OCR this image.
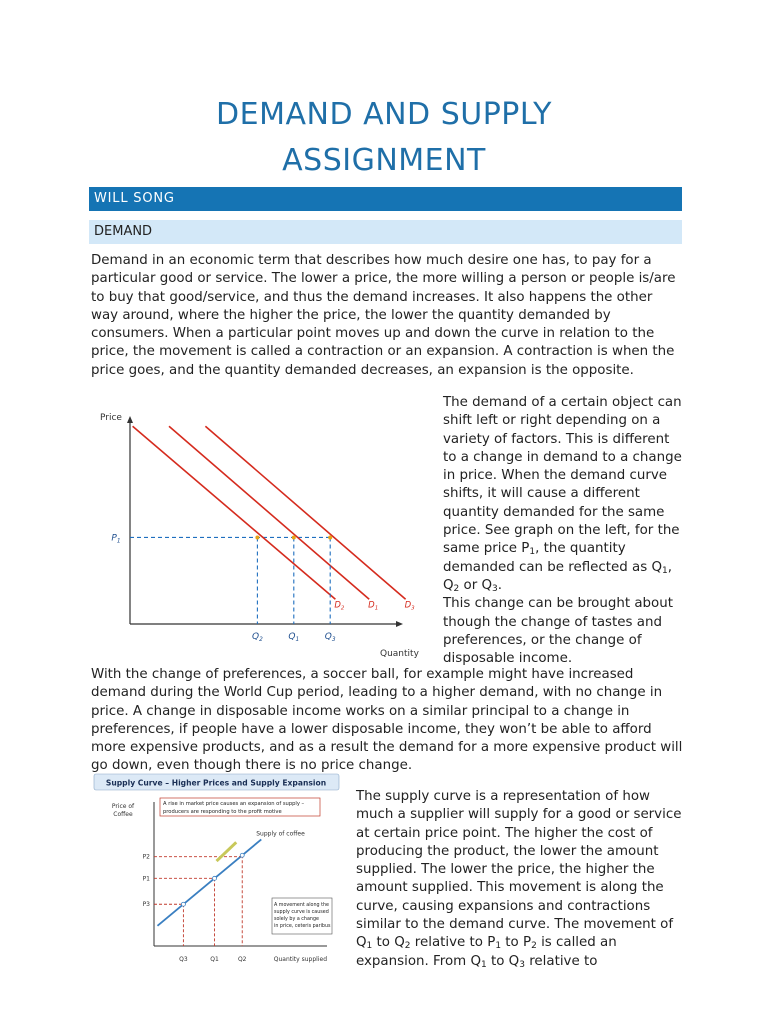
DEMAND AND SUPPLY
ASSIGNMENT
WILL SONG
DEMAND

Demand in an economic term that describes how much desire one has, to pay for a particular good or service. The lower a price, the more willing a person or people is/are to buy that good/service, and thus the demand increases. It also happens the other way around, where the higher the price, the lower the quantity demanded by consumers. When a particular point moves up and down the curve in relation to the price, the movement is called a contraction or an expansion. A contraction is when the price goes, and the quantity demanded decreases, an expansion is the opposite.

Price
Quantity
$P_1$
$D_2$	$D_1$	$D_3$
$Q_2$	$Q_1$	$Q_3$

The demand of a certain object can shift left or right depending on a variety of factors. This is different to a change in demand to a change in price. When the demand curve shifts, it will cause a different quantity demanded for the same price. See graph on the left, for the same price $P_1$, the quantity demanded can be reflected as $Q_1$, $Q_2$ or $Q_3$.
This change can be brought about though the change of tastes and preferences, or the change of disposable income.

With the change of preferences, a soccer ball, for example might have increased demand during the World Cup period, leading to a higher demand, with no change in price. A change in disposable income works on a similar principal to a change in preferences, if people have a lower disposable income, they won’t be able to afford more expensive products, and as a result the demand for a more expensive product will go down, even though there is no price change.

Supply Curve – Higher Prices and Supply Expansion
Price of
Coffee
Quantity supplied
A rise in market price causes an expansion of supply –
producers are responding to the profit motive
Supply of coffee
P2
P1
P3
Q3	Q1	Q2
A movement along the
supply curve is caused
solely by a change
in price, ceteris paribus

The supply curve is a representation of how much a supplier will supply for a good or service at certain price point. The higher the cost of producing the product, the lower the amount supplied. The lower the price, the higher the amount supplied. This movement is along the curve, causing expansions and contractions similar to the demand curve. The movement of $Q_1$ to $Q_2$ relative to $P_1$ to $P_2$ is called an expansion. From $Q_1$ to $Q_3$ relative to
